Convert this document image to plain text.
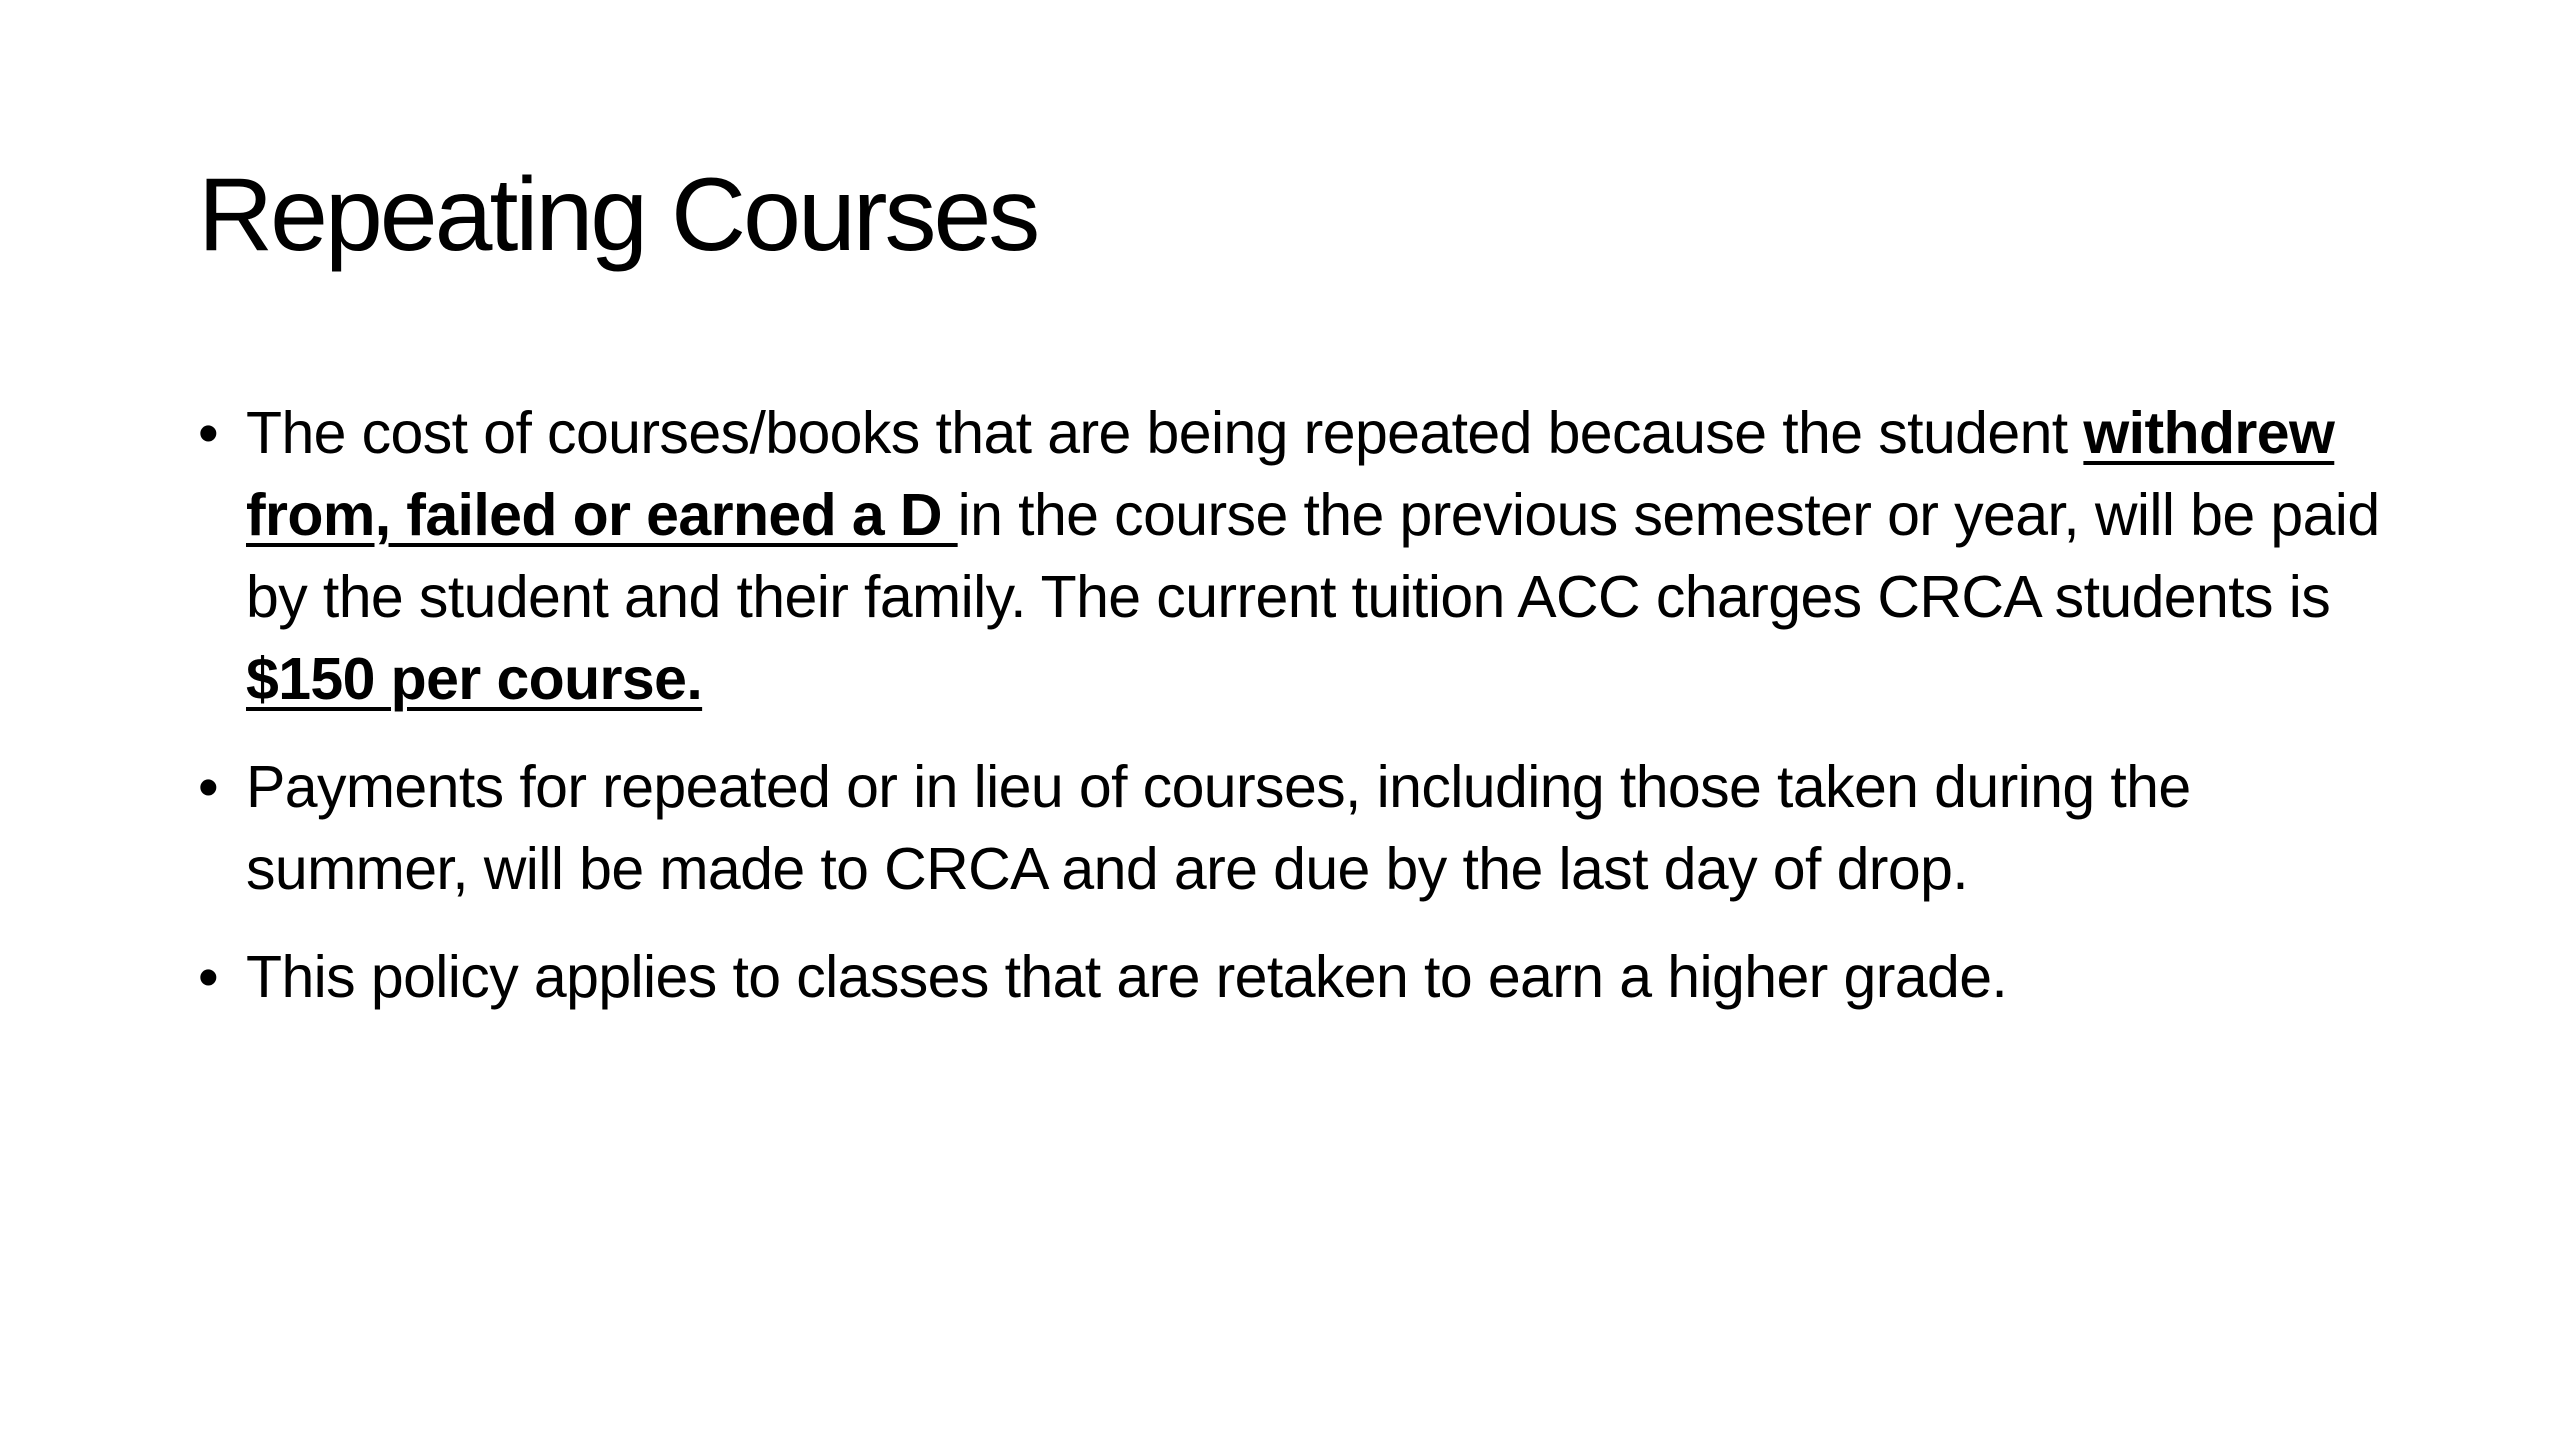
Repeating Courses
• The cost of courses/books that are being repeated because the student withdrew from, failed or earned a D in the course the previous semester or year, will be paid by the student and their family. The current tuition ACC charges CRCA students is $150 per course.
• Payments for repeated or in lieu of courses, including those taken during the summer, will be made to CRCA and are due by the last day of drop.
• This policy applies to classes that are retaken to earn a higher grade.
